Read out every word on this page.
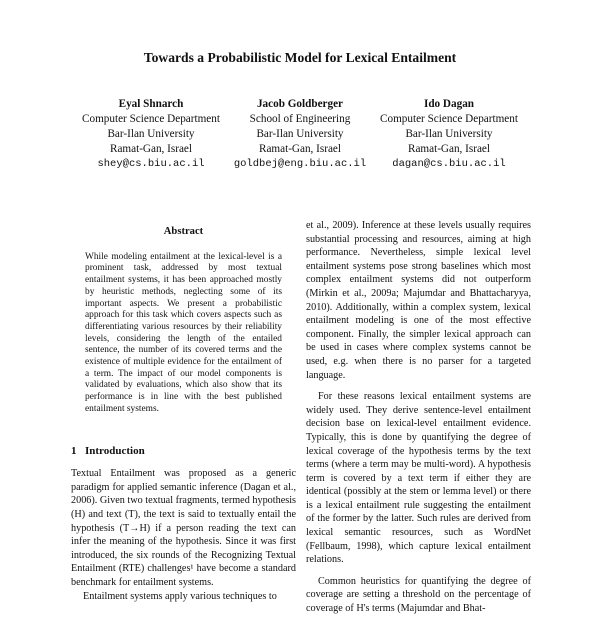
Towards a Probabilistic Model for Lexical Entailment
Eyal Shnarch
Computer Science Department
Bar-Ilan University
Ramat-Gan, Israel
shey@cs.biu.ac.il
Jacob Goldberger
School of Engineering
Bar-Ilan University
Ramat-Gan, Israel
goldbej@eng.biu.ac.il
Ido Dagan
Computer Science Department
Bar-Ilan University
Ramat-Gan, Israel
dagan@cs.biu.ac.il
Abstract

While modeling entailment at the lexical-level is a prominent task, addressed by most textual entailment systems, it has been approached mostly by heuristic methods, neglecting some of its important aspects. We present a probabilistic approach for this task which covers aspects such as differentiating various resources by their reliability levels, considering the length of the entailed sentence, the number of its covered terms and the existence of multiple evidence for the entailment of a term. The impact of our model components is validated by evaluations, which also show that its performance is in line with the best published entailment systems.

1 Introduction

Textual Entailment was proposed as a generic paradigm for applied semantic inference (Dagan et al., 2006). Given two textual fragments, termed hypothesis (H) and text (T), the text is said to textually entail the hypothesis (T→H) if a person reading the text can infer the meaning of the hypothesis. Since it was first introduced, the six rounds of the Recognizing Textual Entailment (RTE) challenges¹ have become a standard benchmark for entailment systems.

Entailment systems apply various techniques to

et al., 2009). Inference at these levels usually requires substantial processing and resources, aiming at high performance. Nevertheless, simple lexical level entailment systems pose strong baselines which most complex entailment systems did not outperform (Mirkin et al., 2009a; Majumdar and Bhattacharyya, 2010). Additionally, within a complex system, lexical entailment modeling is one of the most effective component. Finally, the simpler lexical approach can be used in cases where complex systems cannot be used, e.g. when there is no parser for a targeted language.

For these reasons lexical entailment systems are widely used. They derive sentence-level entailment decision base on lexical-level entailment evidence. Typically, this is done by quantifying the degree of lexical coverage of the hypothesis terms by the text terms (where a term may be multi-word). A hypothesis term is covered by a text term if either they are identical (possibly at the stem or lemma level) or there is a lexical entailment rule suggesting the entailment of the former by the latter. Such rules are derived from lexical semantic resources, such as WordNet (Fellbaum, 1998), which capture lexical entailment relations.

Common heuristics for quantifying the degree of coverage are setting a threshold on the percentage of coverage of H's terms (Majumdar and Bhat-
